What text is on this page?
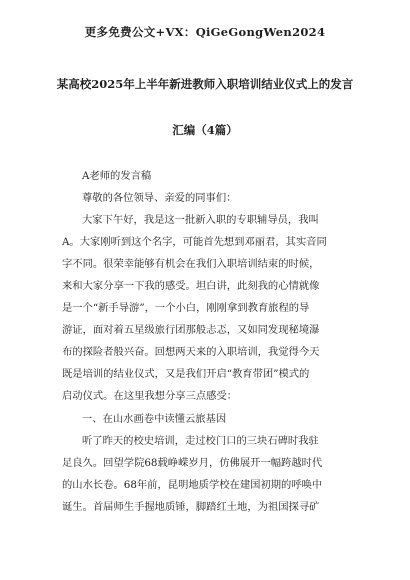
更多免费公文+VX：QiGeGongWen2024
某高校2025年上半年新进教师入职培训结业仪式上的发言
汇编（4篇）
A老师的发言稿
尊敬的各位领导、亲爱的同事们：
大家下午好，我是这一批新入职的专职辅导员，我叫
A。大家刚听到这个名字，可能首先想到邓丽君，其实音同
字不同。很荣幸能够有机会在我们入职培训结束的时候，
来和大家分享一下我的感受。坦白讲，此刻我的心情就像
是一个“新手导游”，一个小白，刚刚拿到教育旅程的导
游证，面对着五星级旅行团那般忐忑，又如同发现秘境瀑
布的探险者般兴奋。回想两天来的入职培训，我觉得今天
既是培训的结业仪式，又是我们开启“教育带团”模式的
启动仪式。在这里我想分享三点感受：
一、在山水画卷中读懂云旅基因
听了昨天的校史培训，走过校门口的三块石碑时我驻
足良久。回望学院68载峥嵘岁月，仿佛展开一幅跨越时代
的山水长卷。68年前，昆明地质学校在建国初期的呼唤中
诞生。首届师生手握地质锤，脚踏红土地，为祖国探寻矿
